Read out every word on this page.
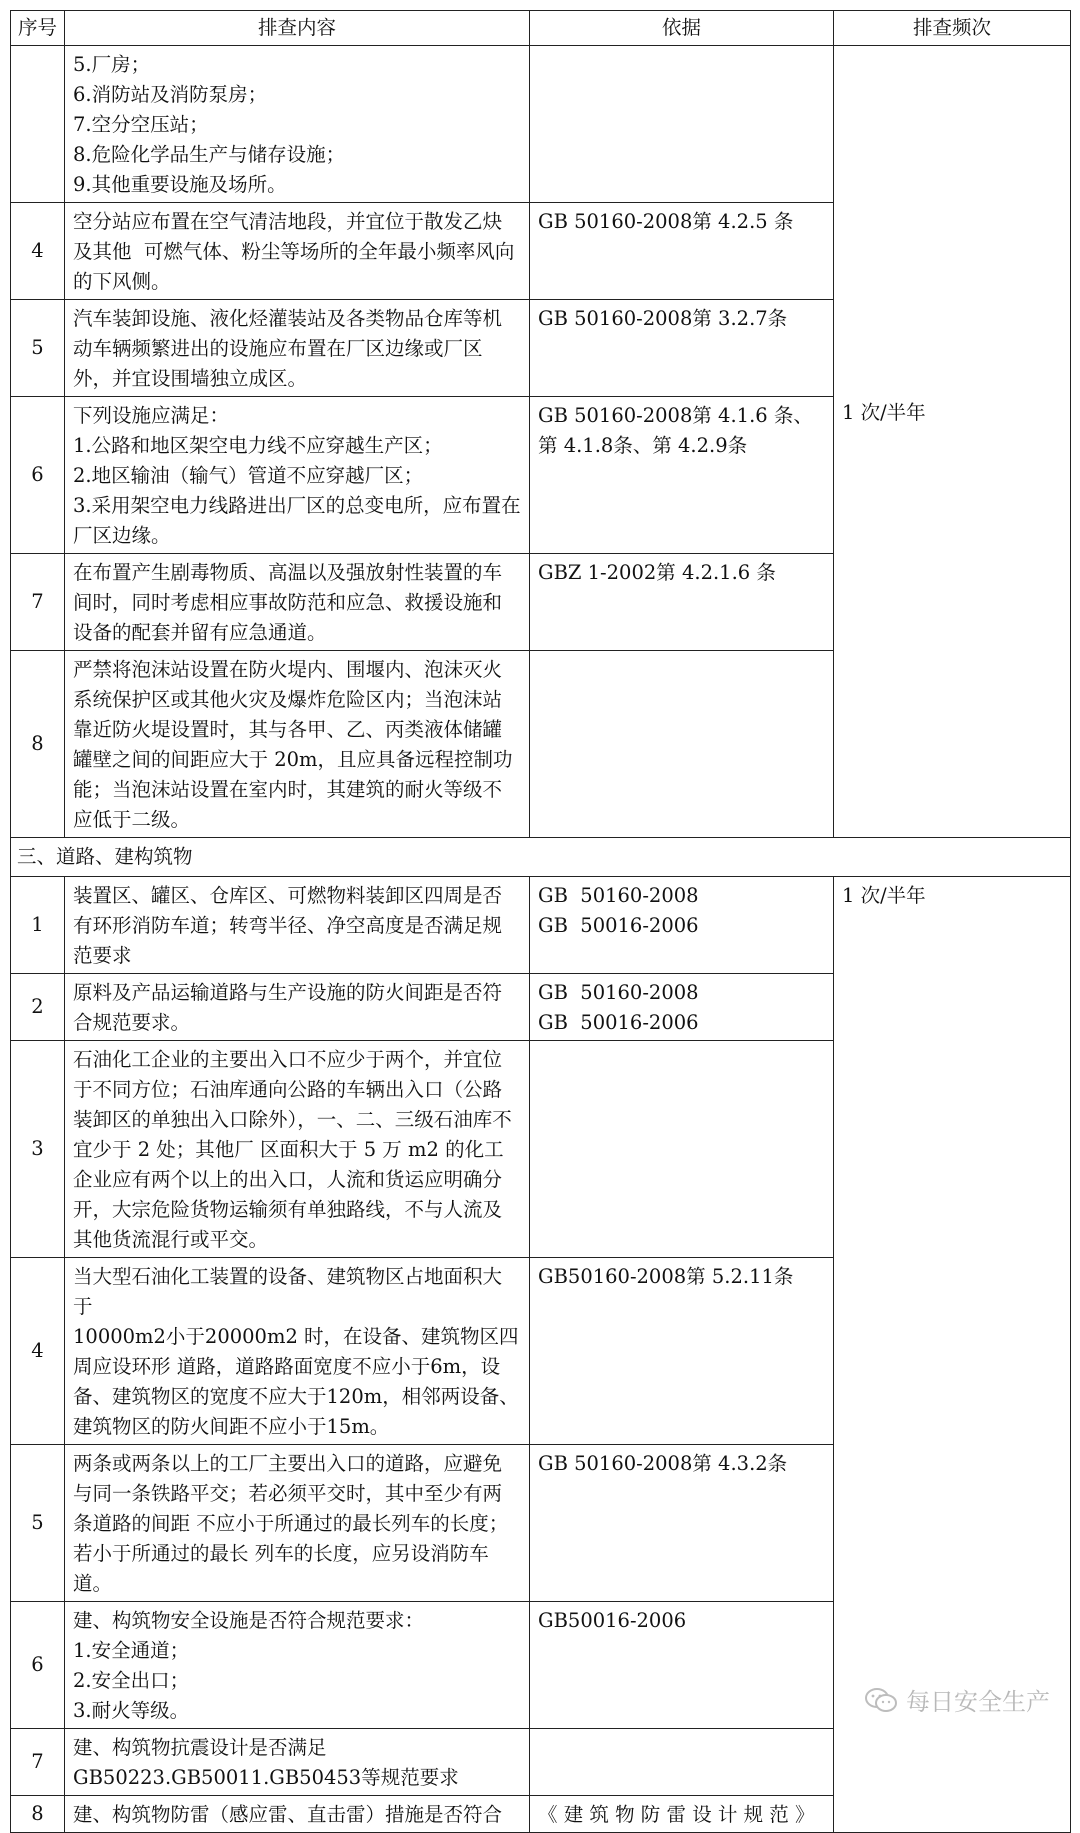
序号	排查内容	依据	排查频次

	5.厂房；
6.消防站及消防泵房；
7.空分空压站；
8.危险化学品生产与储存设施；
9.其他重要设施及场所。		1 次/半年
4	空分站应布置在空气清洁地段，并宜位于散发乙炔及其他  可燃气体、粉尘等场所的全年最小频率风向的下风侧。	GB 50160-2008第 4.2.5 条	

5	汽车装卸设施、液化烃灌装站及各类物品仓库等机动车辆频繁进出的设施应布置在厂区边缘或厂区外，并宜设围墙独立成区。	GB 50160-2008第 3.2.7条	

6	下列设施应满足：
1.公路和地区架空电力线不应穿越生产区；
2.地区输油（输气）管道不应穿越厂区；
3.采用架空电力线路进出厂区的总变电所，应布置在厂区边缘。	GB 50160-2008第 4.1.6 条、第 4.1.8条、第 4.2.9条	

7	在布置产生剧毒物质、高温以及强放射性装置的车间时，同时考虑相应事故防范和应急、救援设施和设备的配套并留有应急通道。	GBZ 1-2002第 4.2.1.6 条	

8	严禁将泡沫站设置在防火堤内、围堰内、泡沫灭火系统保护区或其他火灾及爆炸危险区内；当泡沫站靠近防火堤设置时，其与各甲、乙、丙类液体储罐罐壁之间的间距应大于 20m，且应具备远程控制功能；当泡沫站设置在室内时，其建筑的耐火等级不应低于二级。		

三、道路、建构筑物			
1	装置区、罐区、仓库区、可燃物料装卸区四周是否有环形消防车道；转弯半径、净空高度是否满足规范要求	GB  50160-2008
GB  50016-2006	1 次/半年
2	原料及产品运输道路与生产设施的防火间距是否符合规范要求。	GB  50160-2008
GB  50016-2006	

3	石油化工企业的主要出入口不应少于两个，并宜位于不同方位；石油库通向公路的车辆出入口（公路装卸区的单独出入口除外），一、二、三级石油库不宜少于 2 处；其他厂 区面积大于 5 万 m2 的化工企业应有两个以上的出入口，人流和货运应明确分开，大宗危险货物运输须有单独路线，不与人流及其他货流混行或平交。		

4	当大型石油化工装置的设备、建筑物区占地面积大于
10000m2小于20000m2 时，在设备、建筑物区四周应设环形 道路，道路路面宽度不应小于6m，设备、建筑物区的宽度不应大于120m，相邻两设备、建筑物区的防火间距不应小于15m。	GB50160-2008第 5.2.11条	

5	两条或两条以上的工厂主要出入口的道路，应避免与同一条铁路平交；若必须平交时，其中至少有两条道路的间距 不应小于所通过的最长列车的长度；若小于所通过的最长 列车的长度，应另设消防车道。	GB 50160-2008第 4.3.2条	

6	建、构筑物安全设施是否符合规范要求：
1.安全通道；
2.安全出口；
3.耐火等级。	GB50016-2006	

7	建、构筑物抗震设计是否满足
GB50223.GB50011.GB50453等规范要求		

8	建、构筑物防雷（感应雷、直击雷）措施是否符合	《 建 筑 物 防 雷 设 计 规 范 》	
每日安全生产
